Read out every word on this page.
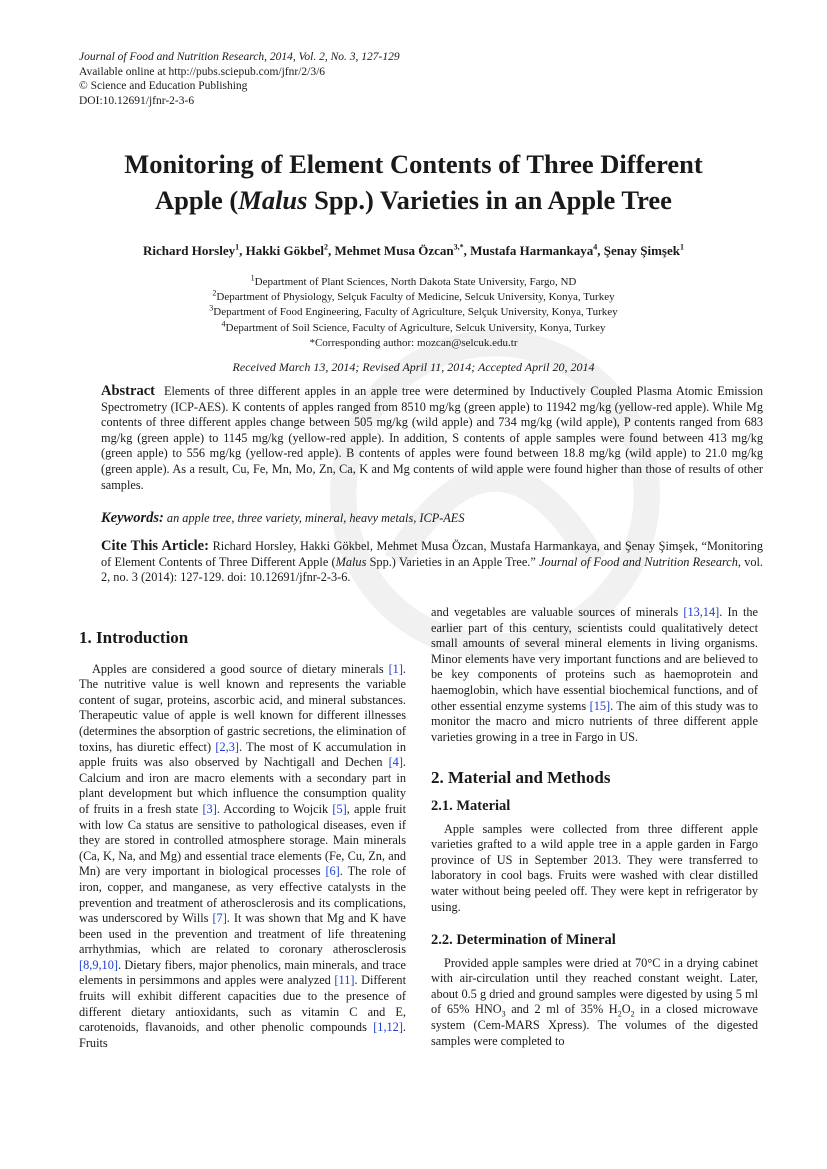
Journal of Food and Nutrition Research, 2014, Vol. 2, No. 3, 127-129
Available online at http://pubs.sciepub.com/jfnr/2/3/6
© Science and Education Publishing
DOI:10.12691/jfnr-2-3-6
Monitoring of Element Contents of Three Different
Apple (Malus Spp.) Varieties in an Apple Tree
Richard Horsley$^1$, Hakki Gökbel$^2$, Mehmet Musa Özcan$^{3,*}$, Mustafa Harmankaya$^4$, Şenay Şimşek$^1$
$^1$Department of Plant Sciences, North Dakota State University, Fargo, ND
$^2$Department of Physiology, Selçuk Faculty of Medicine, Selcuk University, Konya, Turkey
$^3$Department of Food Engineering, Faculty of Agriculture, Selçuk University, Konya, Turkey
$^4$Department of Soil Science, Faculty of Agriculture, Selcuk University, Konya, Turkey
*Corresponding author: mozcan@selcuk.edu.tr
Received March 13, 2014; Revised April 11, 2014; Accepted April 20, 2014
Abstract Elements of three different apples in an apple tree were determined by Inductively Coupled Plasma Atomic Emission Spectrometry (ICP-AES). K contents of apples ranged from 8510 mg/kg (green apple) to 11942 mg/kg (yellow-red apple). While Mg contents of three different apples change between 505 mg/kg (wild apple) and 734 mg/kg (wild apple), P contents ranged from 683 mg/kg (green apple) to 1145 mg/kg (yellow-red apple). In addition, S contents of apple samples were found between 413 mg/kg (green apple) to 556 mg/kg (yellow-red apple). B contents of apples were found between 18.8 mg/kg (wild apple) to 21.0 mg/kg (green apple). As a result, Cu, Fe, Mn, Mo, Zn, Ca, K and Mg contents of wild apple were found higher than those of results of other samples.
Keywords: an apple tree, three variety, mineral, heavy metals, ICP-AES
Cite This Article: Richard Horsley, Hakki Gökbel, Mehmet Musa Özcan, Mustafa Harmankaya, and Şenay Şimşek, “Monitoring of Element Contents of Three Different Apple (Malus Spp.) Varieties in an Apple Tree.” Journal of Food and Nutrition Research, vol. 2, no. 3 (2014): 127-129. doi: 10.12691/jfnr-2-3-6.
1. Introduction

Apples are considered a good source of dietary minerals [1]. The nutritive value is well known and represents the variable content of sugar, proteins, ascorbic acid, and mineral substances. Therapeutic value of apple is well known for different illnesses (determines the absorption of gastric secretions, the elimination of toxins, has diuretic effect) [2,3]. The most of K accumulation in apple fruits was also observed by Nachtigall and Dechen [4]. Calcium and iron are macro elements with a secondary part in plant development but which influence the consumption quality of fruits in a fresh state [3]. According to Wojcik [5], apple fruit with low Ca status are sensitive to pathological diseases, even if they are stored in controlled atmosphere storage. Main minerals (Ca, K, Na, and Mg) and essential trace elements (Fe, Cu, Zn, and Mn) are very important in biological processes [6]. The role of iron, copper, and manganese, as very effective catalysts in the prevention and treatment of atherosclerosis and its complications, was underscored by Wills [7]. It was shown that Mg and K have been used in the prevention and treatment of life threatening arrhythmias, which are related to coronary atherosclerosis [8,9,10]. Dietary fibers, major phenolics, main minerals, and trace elements in persimmons and apples were analyzed [11]. Different fruits will exhibit different capacities due to the presence of different dietary antioxidants, such as vitamin C and E, carotenoids, flavanoids, and other phenolic compounds [1,12]. Fruits

and vegetables are valuable sources of minerals [13,14]. In the earlier part of this century, scientists could qualitatively detect small amounts of several mineral elements in living organisms. Minor elements have very important functions and are believed to be key components of proteins such as haemoprotein and haemoglobin, which have essential biochemical functions, and of other essential enzyme systems [15]. The aim of this study was to monitor the macro and micro nutrients of three different apple varieties growing in a tree in Fargo in US.

2. Material and Methods
2.1. Material

Apple samples were collected from three different apple varieties grafted to a wild apple tree in a apple garden in Fargo province of US in September 2013. They were transferred to laboratory in cool bags. Fruits were washed with clear distilled water without being peeled off. They were kept in refrigerator by using.

2.2. Determination of Mineral

Provided apple samples were dried at 70°C in a drying cabinet with air-circulation until they reached constant weight. Later, about 0.5 g dried and ground samples were digested by using 5 ml of 65% $HNO_3$ and 2 ml of 35% $H_2O_2$ in a closed microwave system (Cem-MARS Xpress). The volumes of the digested samples were completed to
